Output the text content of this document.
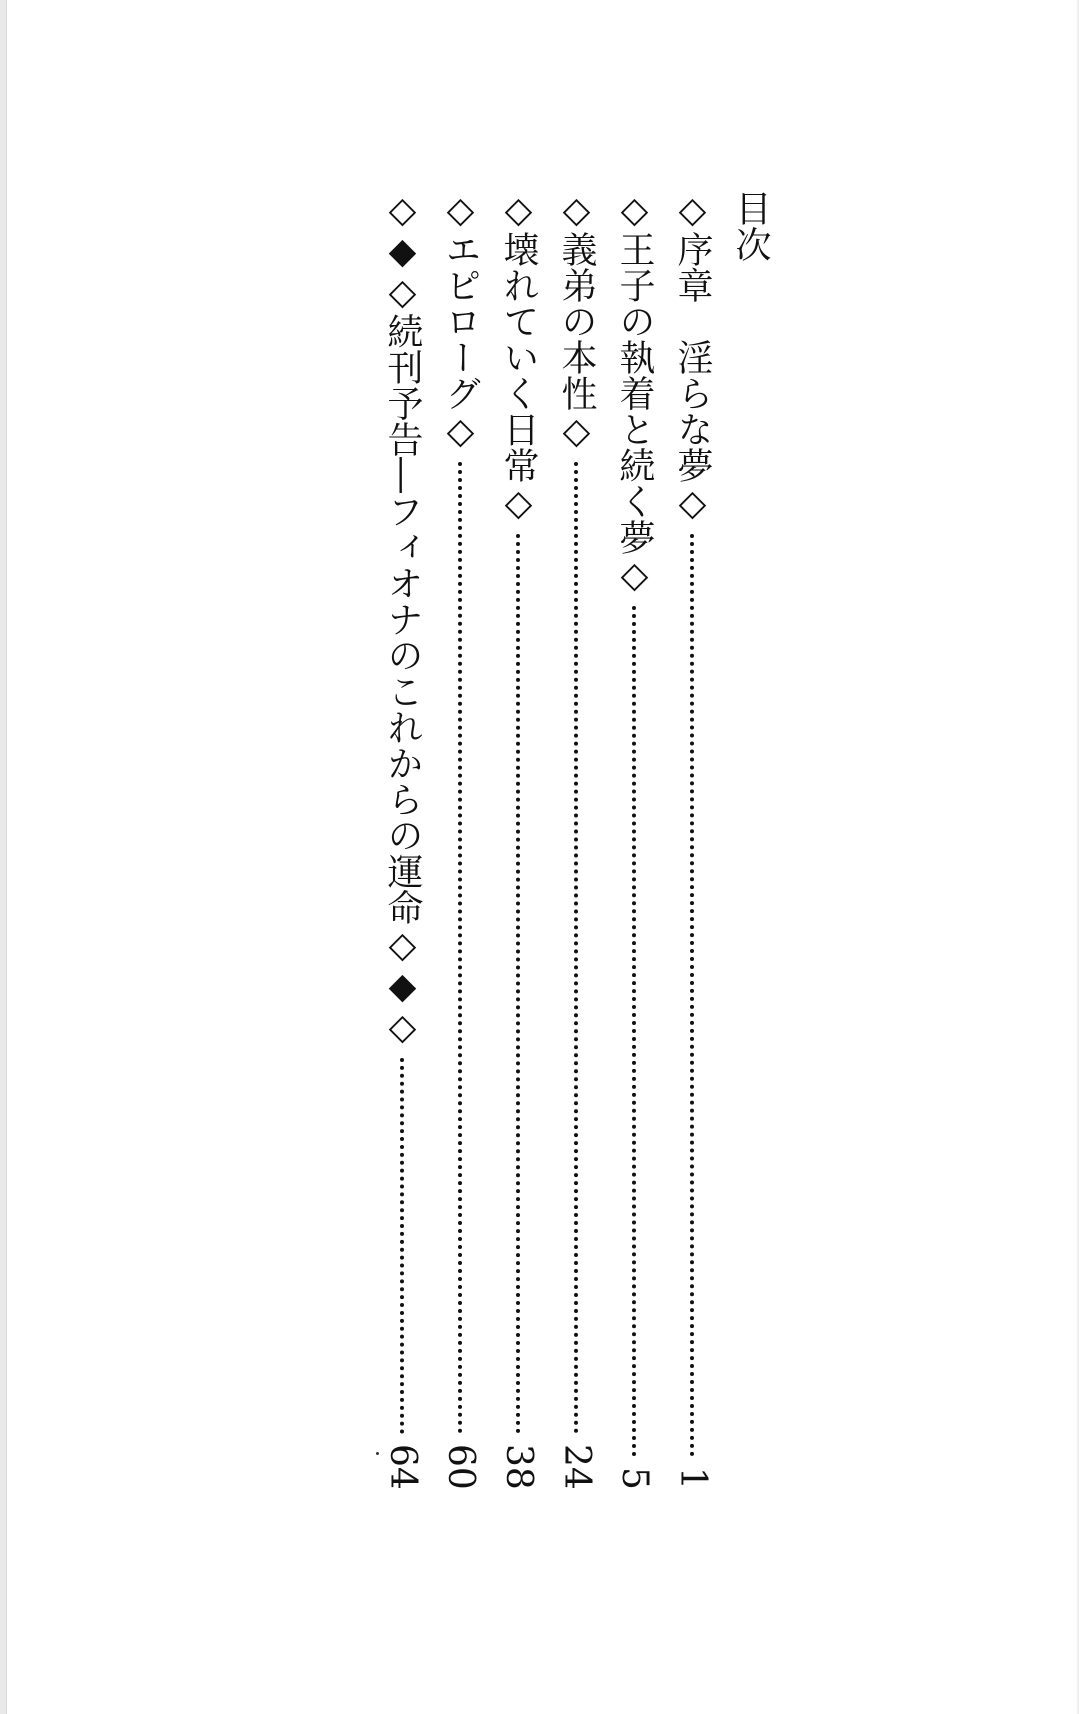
目次
◇序章　淫らな夢◇
1
◇王子の執着と続く夢◇
5
◇義弟の本性◇
24
◇壊れていく日常◇
38
◇エピローグ◇
60
◇◆◇続刊予告―フィオナのこれからの運命◇◆◇
64
